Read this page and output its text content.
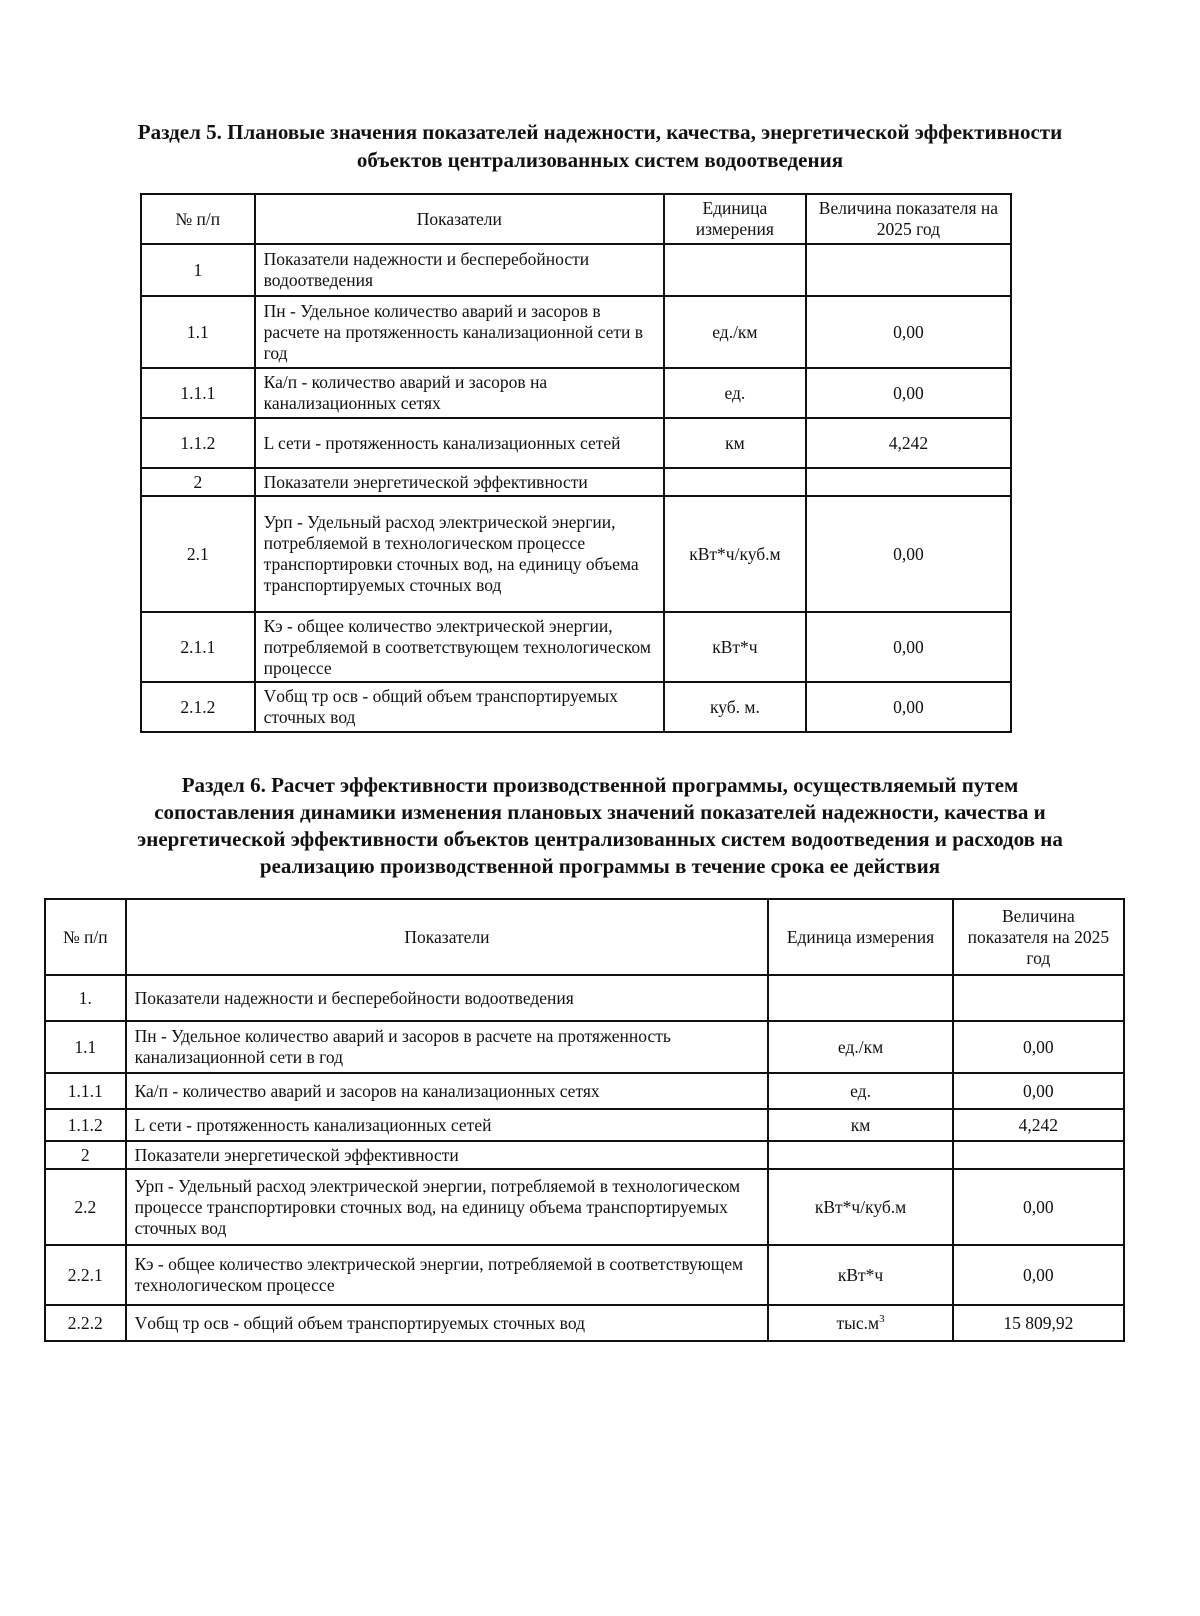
Раздел 5. Плановые значения показателей надежности, качества, энергетической эффективности
объектов централизованных систем водоотведения
№ п/п	Показатели	Единица измерения	Величина показателя на 2025 год
1	Показатели надежности и бесперебойности водоотведения		
1.1	Пн - Удельное количество аварий и засоров в расчете на протяженность канализационной сети в год	ед./км	0,00
1.1.1	Ка/п - количество аварий и засоров на канализационных сетях	ед.	0,00
1.1.2	L сети - протяженность канализационных сетей	км	4,242
2	Показатели энергетической эффективности		
2.1	Урп - Удельный расход электрической энергии, потребляемой в технологическом процессе транспортировки сточных вод, на единицу объема транспортируемых сточных вод	кВт*ч/куб.м	0,00
2.1.1	Кэ - общее количество электрической энергии, потребляемой в соответствующем технологическом процессе	кВт*ч	0,00
2.1.2	Vобщ тр осв - общий объем транспортируемых сточных вод	куб. м.	0,00
Раздел 6. Расчет эффективности производственной программы, осуществляемый путем
сопоставления динамики изменения плановых значений показателей надежности, качества и
энергетической эффективности объектов централизованных систем водоотведения и расходов на
реализацию производственной программы в течение срока ее действия
№ п/п	Показатели	Единица измерения	Величина показателя на 2025 год
1.	Показатели надежности и бесперебойности водоотведения		
1.1	Пн - Удельное количество аварий и засоров в расчете на протяженность канализационной сети в год	ед./км	0,00
1.1.1	Ка/п - количество аварий и засоров на канализационных сетях	ед.	0,00
1.1.2	L сети - протяженность канализационных сетей	км	4,242
2	Показатели энергетической эффективности		
2.2	Урп - Удельный расход электрической энергии, потребляемой в технологическом процессе транспортировки сточных вод, на единицу объема транспортируемых сточных вод	кВт*ч/куб.м	0,00
2.2.1	Кэ - общее количество электрической энергии, потребляемой в соответствующем технологическом процессе	кВт*ч	0,00
2.2.2	Vобщ тр осв - общий объем транспортируемых сточных вод	$тыс.м^3$	15 809,92
